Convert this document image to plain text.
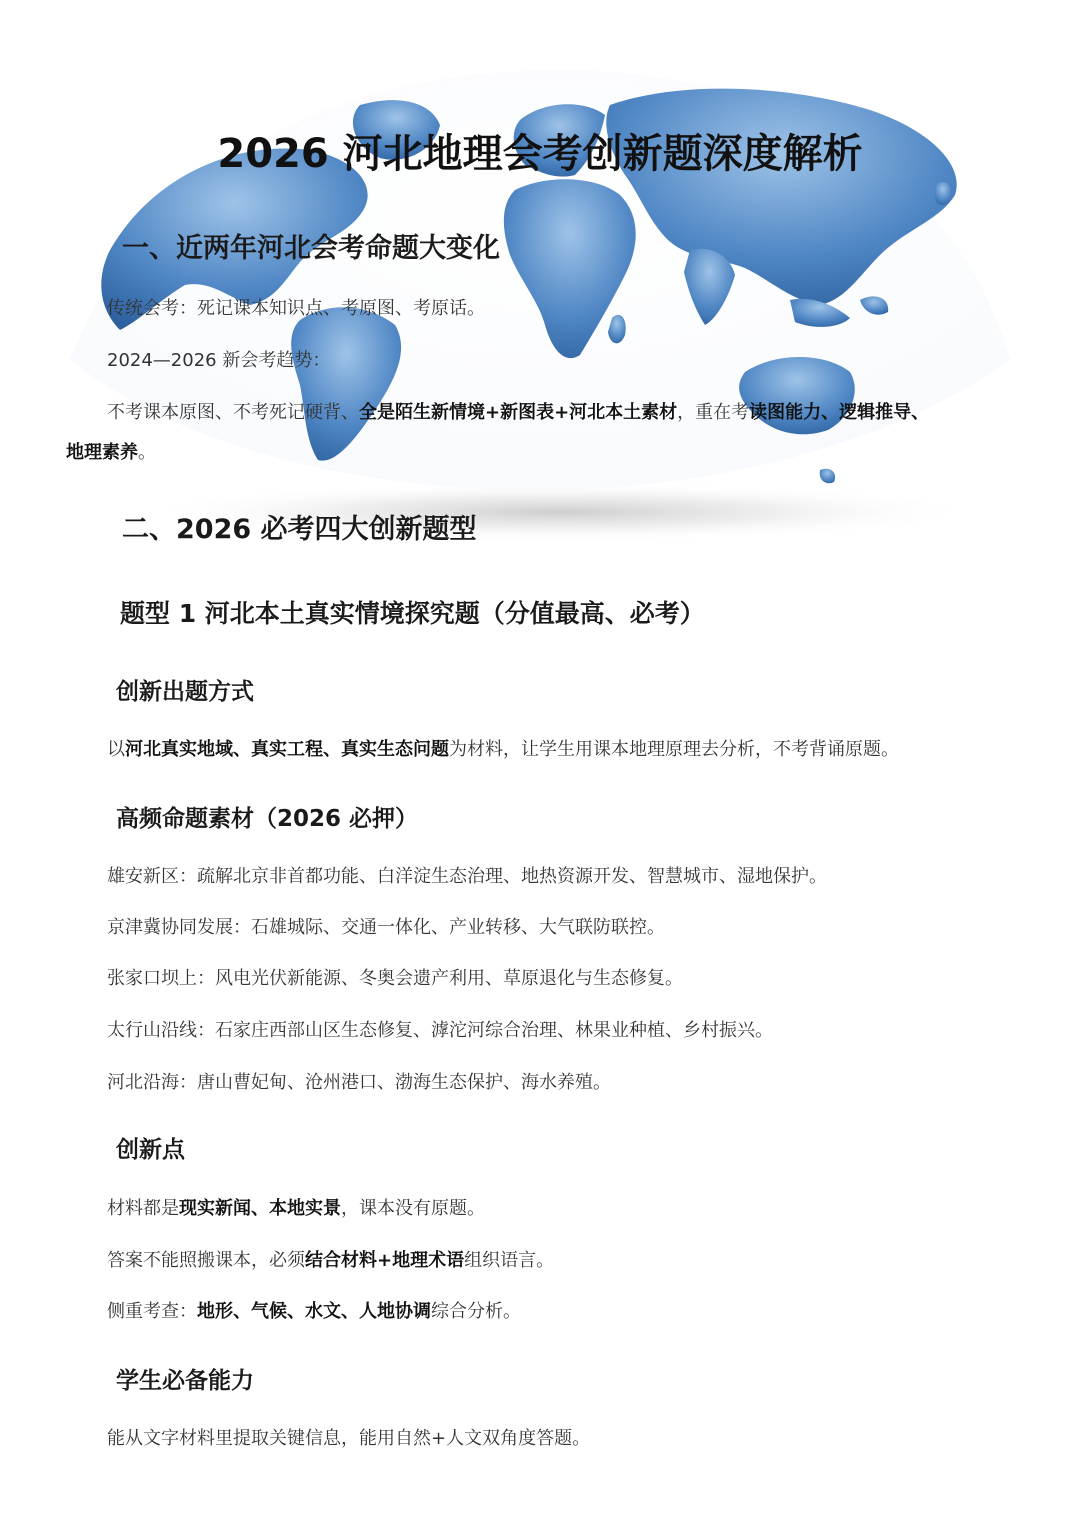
2026 河北地理会考创新题深度解析
一、近两年河北会考命题大变化
传统会考：死记课本知识点、考原图、考原话。
2024—2026 新会考趋势：
不考课本原图、不考死记硬背、全是陌生新情境+新图表+河北本土素材，重在考读图能力、逻辑推导、
地理素养。
二、2026 必考四大创新题型
题型 1 河北本土真实情境探究题（分值最高、必考）
创新出题方式
以河北真实地域、真实工程、真实生态问题为材料，让学生用课本地理原理去分析，不考背诵原题。
高频命题素材（2026 必押）
雄安新区：疏解北京非首都功能、白洋淀生态治理、地热资源开发、智慧城市、湿地保护。
京津冀协同发展：石雄城际、交通一体化、产业转移、大气联防联控。
张家口坝上：风电光伏新能源、冬奥会遗产利用、草原退化与生态修复。
太行山沿线：石家庄西部山区生态修复、滹沱河综合治理、林果业种植、乡村振兴。
河北沿海：唐山曹妃甸、沧州港口、渤海生态保护、海水养殖。
创新点
材料都是现实新闻、本地实景，课本没有原题。
答案不能照搬课本，必须结合材料+地理术语组织语言。
侧重考查：地形、气候、水文、人地协调综合分析。
学生必备能力
能从文字材料里提取关键信息，能用自然+人文双角度答题。
